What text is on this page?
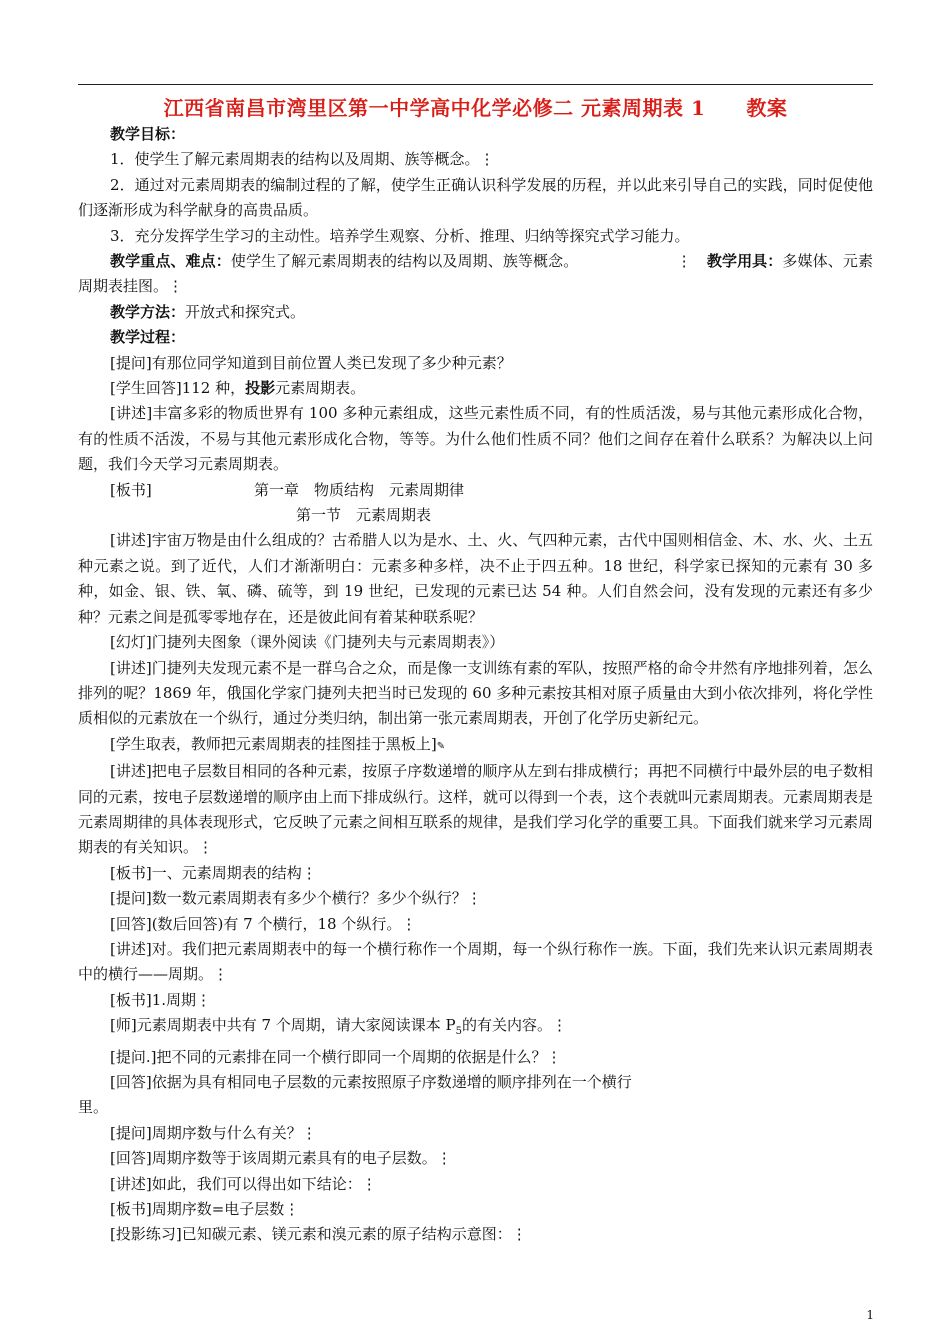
江西省南昌市湾里区第一中学高中化学必修二 元素周期表 1　　教案

教学目标：

1．使学生了解元素周期表的结构以及周期、族等概念。⋮

2．通过对元素周期表的编制过程的了解，使学生正确认识科学发展的历程，并以此来引导自己的实践，同时促使他们逐渐形成为科学献身的高贵品质。

3．充分发挥学生学习的主动性。培养学生观察、分析、推理、归纳等探究式学习能力。

教学重点、难点：使学生了解元素周期表的结构以及周期、族等概念。　　　　　　　⋮　教学用具：多媒体、元素周期表挂图。⋮

教学方法：开放式和探究式。

教学过程：

[提问]有那位同学知道到目前位置人类已发现了多少种元素？

[学生回答]112 种，投影元素周期表。

[讲述]丰富多彩的物质世界有 100 多种元素组成，这些元素性质不同，有的性质活泼，易与其他元素形成化合物，有的性质不活泼，不易与其他元素形成化合物，等等。为什么他们性质不同？他们之间存在着什么联系？为解决以上问题，我们今天学习元素周期表。

[板书]	第一章　物质结构　元素周期律
第一节　元素周期表

[讲述]宇宙万物是由什么组成的？古希腊人以为是水、土、火、气四种元素，古代中国则相信金、木、水、火、土五种元素之说。到了近代，人们才渐渐明白：元素多种多样，决不止于四五种。18 世纪，科学家已探知的元素有 30 多种，如金、银、铁、氧、磷、硫等，到 19 世纪，已发现的元素已达 54 种。人们自然会问，没有发现的元素还有多少种？元素之间是孤零零地存在，还是彼此间有着某种联系呢？

[幻灯]门捷列夫图象（课外阅读《门捷列夫与元素周期表》）

[讲述]门捷列夫发现元素不是一群乌合之众，而是像一支训练有素的军队，按照严格的命令井然有序地排列着，怎么排列的呢？1869 年，俄国化学家门捷列夫把当时已发现的 60 多种元素按其相对原子质量由大到小依次排列，将化学性质相似的元素放在一个纵行，通过分类归纳，制出第一张元素周期表，开创了化学历史新纪元。

[学生取表，教师把元素周期表的挂图挂于黑板上]✎

[讲述]把电子层数目相同的各种元素，按原子序数递增的顺序从左到右排成横行；再把不同横行中最外层的电子数相同的元素，按电子层数递增的顺序由上而下排成纵行。这样，就可以得到一个表，这个表就叫元素周期表。元素周期表是元素周期律的具体表现形式，它反映了元素之间相互联系的规律，是我们学习化学的重要工具。下面我们就来学习元素周期表的有关知识。⋮

[板书]一、元素周期表的结构⋮

[提问]数一数元素周期表有多少个横行？多少个纵行？⋮

[回答](数后回答)有 7 个横行，18 个纵行。⋮

[讲述]对。我们把元素周期表中的每一个横行称作一个周期，每一个纵行称作一族。下面，我们先来认识元素周期表中的横行——周期。⋮

[板书]1.周期⋮

[师]元素周期表中共有 7 个周期，请大家阅读课本 $P_5$的有关内容。⋮

[提问.]把不同的元素排在同一个横行即同一个周期的依据是什么？⋮

[回答]依据为具有相同电子层数的元素按照原子序数递增的顺序排列在一个横行

里。

[提问]周期序数与什么有关？⋮

[回答]周期序数等于该周期元素具有的电子层数。⋮

[讲述]如此，我们可以得出如下结论：⋮

[板书]周期序数=电子层数⋮

[投影练习]已知碳元素、镁元素和溴元素的原子结构示意图：⋮

1
